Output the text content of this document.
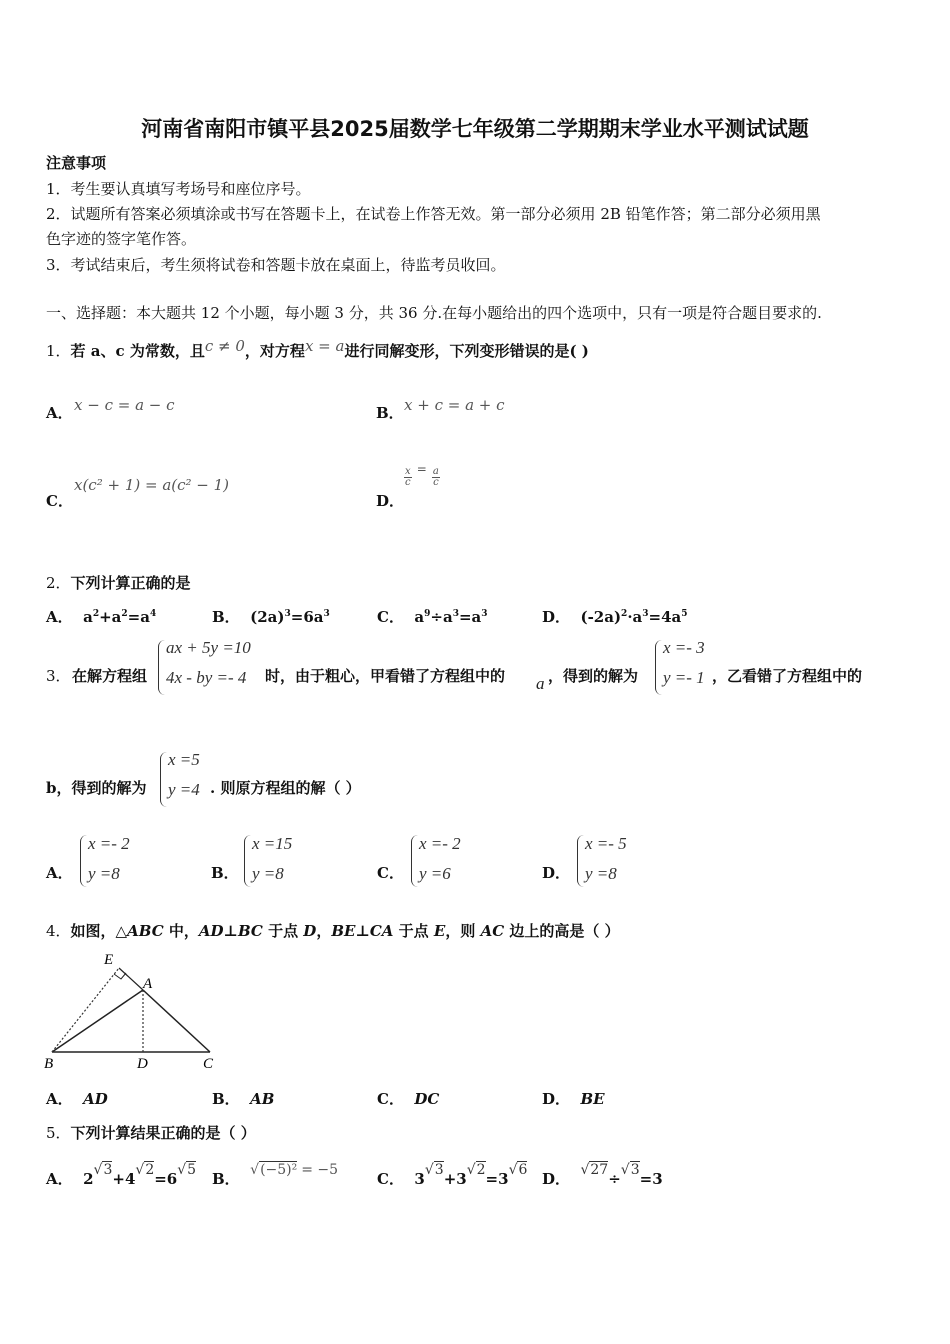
河南省南阳市镇平县2025届数学七年级第二学期期末学业水平测试试题
注意事项
1．考生要认真填写考场号和座位序号。
2．试题所有答案必须填涂或书写在答题卡上，在试卷上作答无效。第一部分必须用 2B 铅笔作答；第二部分必须用黑
色字迹的签字笔作答。
3．考试结束后，考生须将试卷和答题卡放在桌面上，待监考员收回。
一、选择题：本大题共 12 个小题，每小题 3 分，共 36 分.在每小题给出的四个选项中，只有一项是符合题目要求的.
1．若 a、c 为常数，且c ≠ 0，对方程x = a进行同解变形，下列变形错误的是( )
A． x − c = a − c	B． x + c = a + c
C．
x(c² + 1) = a(c² − 1)
D．
$\frac{x}{c} ^= \frac{a}{c}$
2．下列计算正确的是
A． $a^2+a^2=a^4$	B． $(2a)^3=6a^3$	C． $a^9\div a^3=a^3$	D． $(-2a)^2\cdot a^3=4a^5$
3． 在解方程组
ax + 5y =10
4x - by =- 4 时，由于粗心，甲看错了方程组中的 a ，得到的解为
x =- 3
y =- 1 ，乙看错了方程组中的
b，得到的解为
x =5
y =4 . 则原方程组的解（ ）
A．
x =- 2
y =8	B．
x =15
y =8	C．
x =- 2
y =6	D．
x =- 5
y =8
4．如图，△ABC 中，AD⊥BC 于点 D，BE⊥CA 于点 E，则 AC 边上的高是（ ）
E
A
B	D	C
A． AD	B． AB	C． DC	D． BE
5．下列计算结果正确的是（ ）
A． 2√3+4√2=6√5 B． √(−5)² = −5	C． 3√3+3√2=3√6 D． √27÷√3=3
